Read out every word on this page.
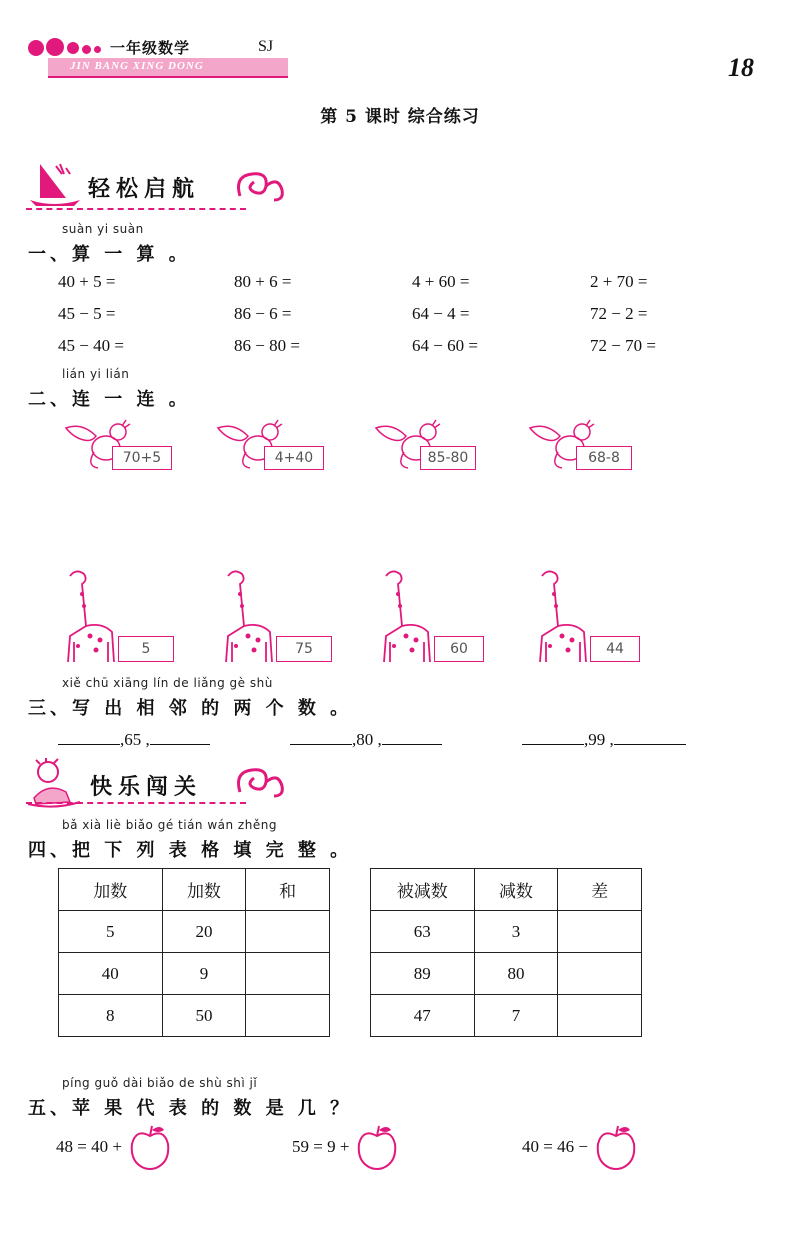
一年级数学	SJ
JIN BANG XING DONG	18
第 5 课时 综合练习
轻松启航
suàn yi suàn
一、算 一 算 。
40 + 5 =	80 + 6 =	4 + 60 =	2 + 70 =
45 − 5 =	86 − 6 =	64 − 4 =	72 − 2 =
45 − 40 =	86 − 80 =	64 − 60 =	72 − 70 =
lián yi lián
二、连 一 连 。
70+5	4+40	85-80	68-8
5	75	60	44
xiě chū xiāng lín de liǎng gè shù
三、写 出 相 邻 的 两 个 数 。
,65 ,	,80 ,	,99 ,
快乐闯关
bǎ xià liè biǎo gé tián wán zhěng
四、把 下 列 表 格 填 完 整 。
加数	加数	和
5	20	
40	9	
8	50	
被减数	减数	差
63	3	
89	80	
47	7	
píng guǒ dài biǎo de shù shì jǐ
五、苹 果 代 表 的 数 是 几 ？
48 = 40 +	59 = 9 +	40 = 46 −
